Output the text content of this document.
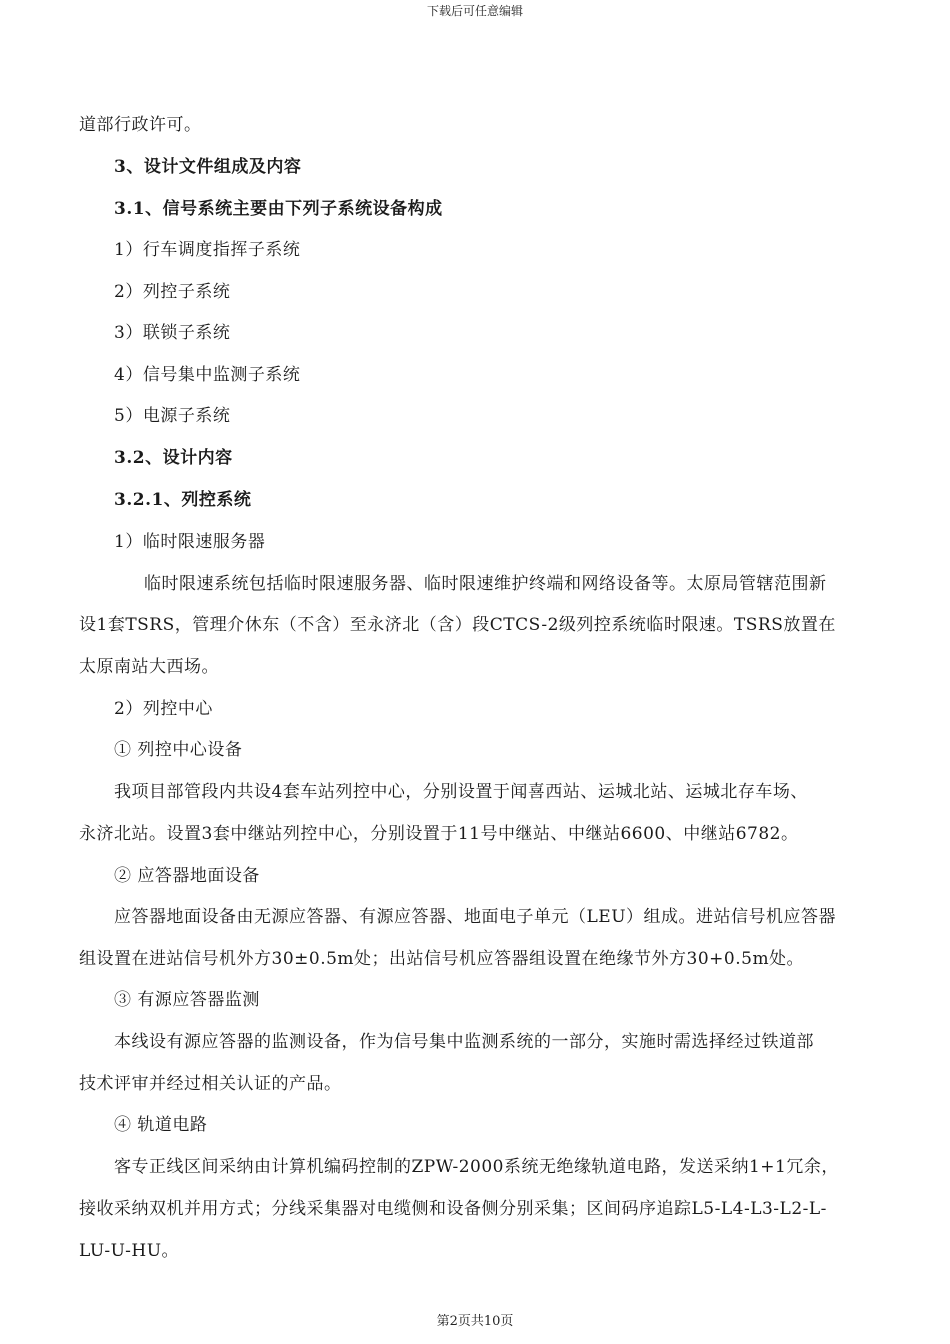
下载后可任意编辑
道部行政许可。
3、设计文件组成及内容
3.1、信号系统主要由下列子系统设备构成
1）行车调度指挥子系统
2）列控子系统
3）联锁子系统
4）信号集中监测子系统
5）电源子系统
3.2、设计内容
3.2.1、列控系统
1）临时限速服务器
临时限速系统包括临时限速服务器、临时限速维护终端和网络设备等。太原局管辖范围新
设1套TSRS，管理介休东（不含）至永济北（含）段CTCS-2级列控系统临时限速。TSRS放置在
太原南站大西场。
2）列控中心
① 列控中心设备
我项目部管段内共设4套车站列控中心，分别设置于闻喜西站、运城北站、运城北存车场、
永济北站。设置3套中继站列控中心，分别设置于11号中继站、中继站6600、中继站6782。
② 应答器地面设备
应答器地面设备由无源应答器、有源应答器、地面电子单元（LEU）组成。进站信号机应答器
组设置在进站信号机外方30±0.5m处；出站信号机应答器组设置在绝缘节外方30+0.5m处。
③ 有源应答器监测
本线设有源应答器的监测设备，作为信号集中监测系统的一部分，实施时需选择经过铁道部
技术评审并经过相关认证的产品。
④ 轨道电路
客专正线区间采纳由计算机编码控制的ZPW-2000系统无绝缘轨道电路，发送采纳1+1冗余，
接收采纳双机并用方式；分线采集器对电缆侧和设备侧分别采集；区间码序追踪L5-L4-L3-L2-L-
LU-U-HU。
第2页共10页
